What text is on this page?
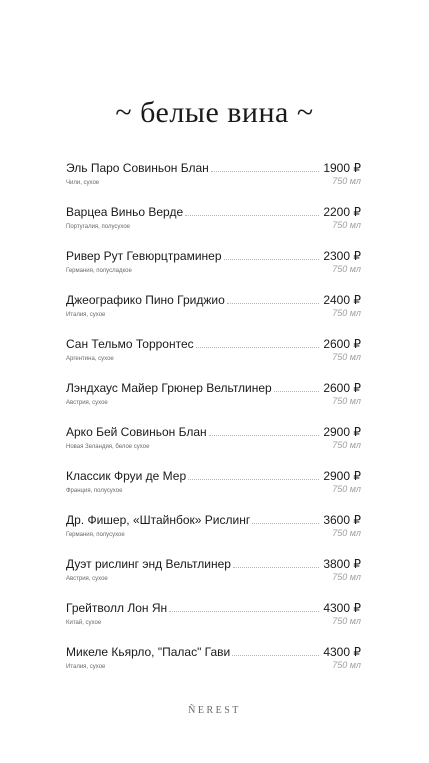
~ белые вина ~
Эль Паро Совиньон Блан	1900 ₽
Чили, сухое	750 мл
Варцеа Виньо Верде	2200 ₽
Португалия, полусухое	750 мл
Ривер Рут Гевюрцтраминер	2300 ₽
Германия, полусладкое	750 мл
Джеографико Пино Гриджио	2400 ₽
Италия, сухое	750 мл
Сан Тельмо Торронтес	2600 ₽
Аргентина, сухое	750 мл
Лэндхаус Майер Грюнер Вельтлинер	2600 ₽
Австрия, сухое	750 мл
Арко Бей Совиньон Блан	2900 ₽
Новая Зеландия, белое сухое	750 мл
Классик Фруи де Мер	2900 ₽
Франция, полусухое	750 мл
Др. Фишер, «Штайнбок» Рислинг	3600 ₽
Германия, полусухое	750 мл
Дуэт рислинг энд Вельтлинер	3800 ₽
Австрия, сухое	750 мл
Грейтволл Лон Ян	4300 ₽
Китай, сухое	750 мл
Микеле Кьярло, "Палас" Гави	4300 ₽
Италия, сухое	750 мл
ÑEREST
